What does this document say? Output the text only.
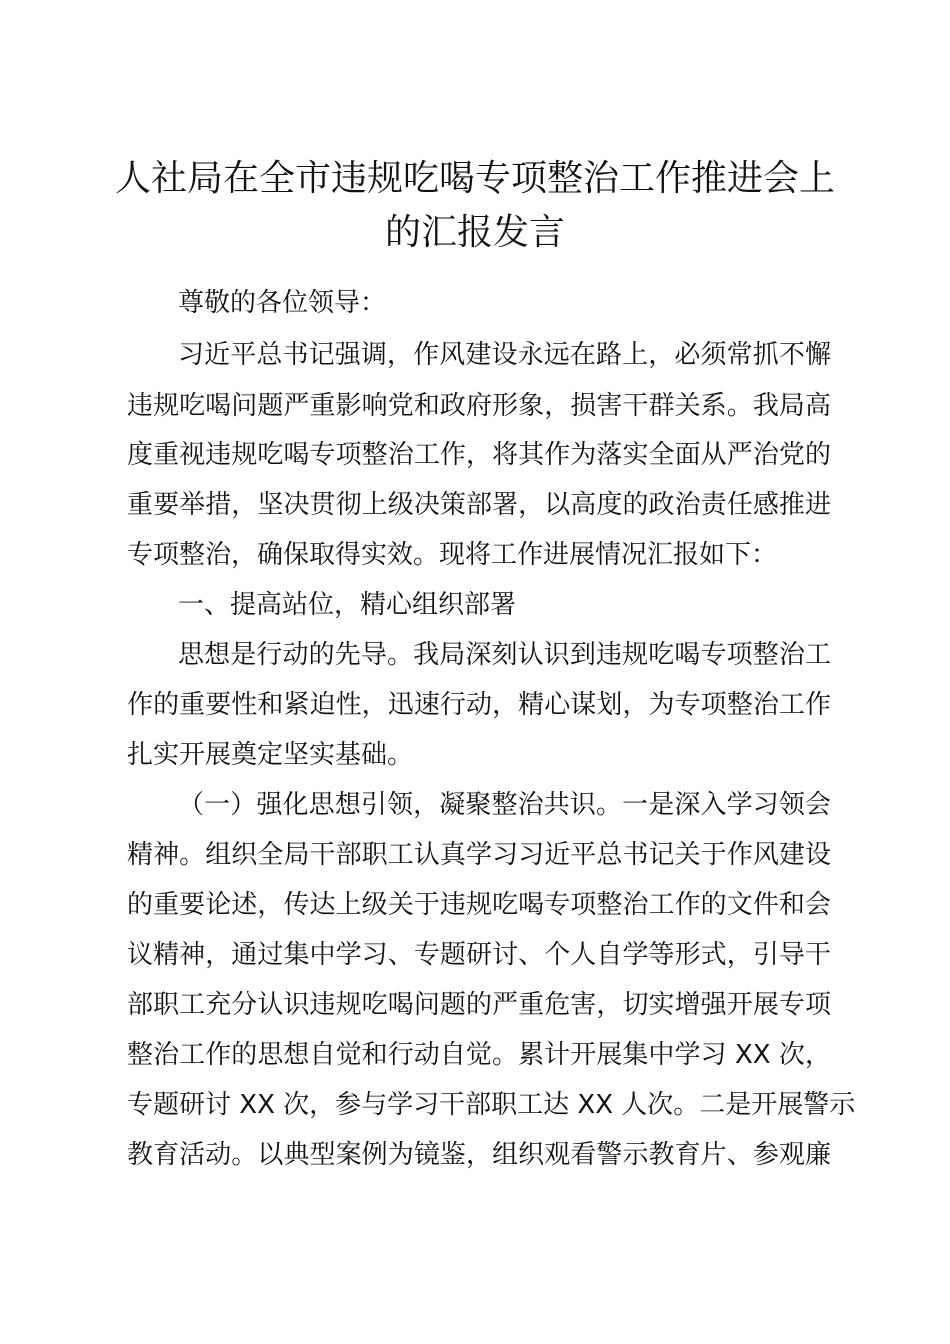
人社局在全市违规吃喝专项整治工作推进会上
的汇报发言

尊敬的各位领导：

习近平总书记强调，作风建设永远在路上，必须常抓不懈

违规吃喝问题严重影响党和政府形象，损害干群关系。我局高

度重视违规吃喝专项整治工作，将其作为落实全面从严治党的

重要举措，坚决贯彻上级决策部署，以高度的政治责任感推进

专项整治，确保取得实效。现将工作进展情况汇报如下：

一、提高站位，精心组织部署

思想是行动的先导。我局深刻认识到违规吃喝专项整治工

作的重要性和紧迫性，迅速行动，精心谋划，为专项整治工作

扎实开展奠定坚实基础。

（一）强化思想引领，凝聚整治共识。一是深入学习领会

精神。组织全局干部职工认真学习习近平总书记关于作风建设

的重要论述，传达上级关于违规吃喝专项整治工作的文件和会

议精神，通过集中学习、专题研讨、个人自学等形式，引导干

部职工充分认识违规吃喝问题的严重危害，切实增强开展专项

整治工作的思想自觉和行动自觉。累计开展集中学习 XX 次，

专题研讨 XX 次，参与学习干部职工达 XX 人次。二是开展警示

教育活动。以典型案例为镜鉴，组织观看警示教育片、参观廉
